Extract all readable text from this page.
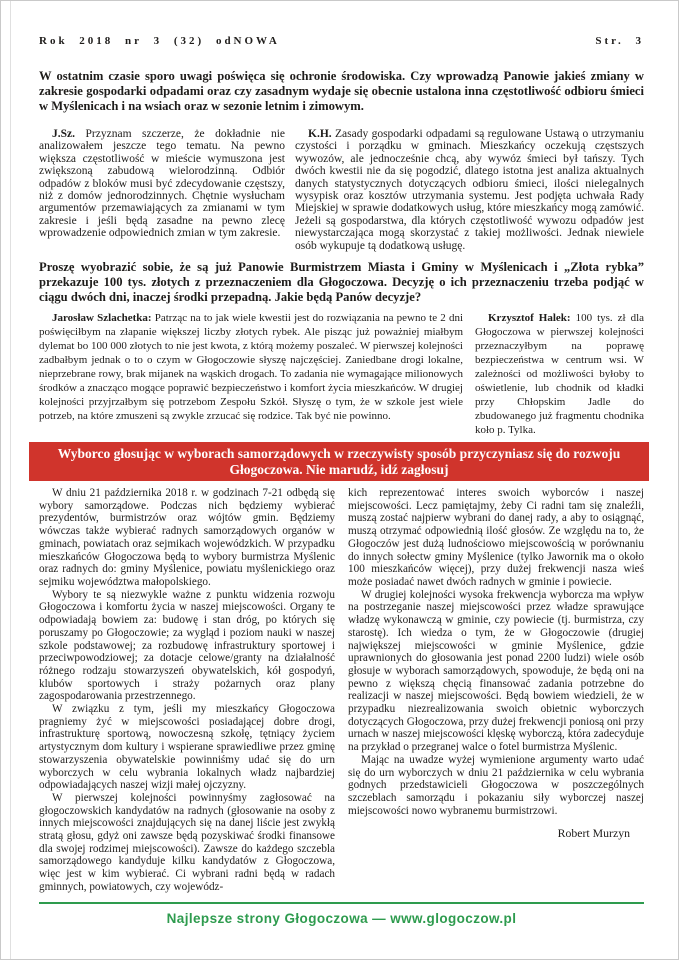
Rok 2018 nr 3 (32) odNOWA	Str. 3

W ostatnim czasie sporo uwagi poświęca się ochronie środowiska. Czy wprowadzą Panowie jakieś zmiany w zakresie gospodarki odpadami oraz czy zasadnym wydaje się obecnie ustalona inna częstotliwość odbioru śmieci w Myślenicach i na wsiach oraz w sezonie letnim i zimowym.

J.Sz. Przyznam szczerze, że dokładnie nie analizowałem jeszcze tego tematu. Na pewno większa częstotliwość w mieście wymuszona jest zwiększoną zabudową wielorodzinną. Odbiór odpadów z bloków musi być zdecydowanie częstszy, niż z domów jednorodzinnych. Chętnie wysłucham argumentów przemawiających za zmianami w tym zakresie i jeśli będą zasadne na pewno zlecę wprowadzenie odpowiednich zmian w tym zakresie.

K.H. Zasady gospodarki odpadami są regulowane Ustawą o utrzymaniu czystości i porządku w gminach. Mieszkańcy oczekują częstszych wywozów, ale jednocześnie chcą, aby wywóz śmieci był tańszy. Tych dwóch kwestii nie da się pogodzić, dlatego istotna jest analiza aktualnych danych statystycznych dotyczących odbioru śmieci, ilości nielegalnych wysypisk oraz kosztów utrzymania systemu. Jest podjęta uchwała Rady Miejskiej w sprawie dodatkowych usług, które mieszkańcy mogą zamówić. Jeżeli są gospodarstwa, dla których częstotliwość wywozu odpadów jest niewystarczająca mogą skorzystać z takiej możliwości. Jednak niewiele osób wykupuje tą dodatkową usługę.

Proszę wyobrazić sobie, że są już Panowie Burmistrzem Miasta i Gminy w Myślenicach i „Złota rybka” przekazuje 100 tys. złotych z przeznaczeniem dla Głogoczowa. Decyzję o ich przeznaczeniu trzeba podjąć w ciągu dwóch dni, inaczej środki przepadną. Jakie będą Panów decyzje?

Jarosław Szlachetka: Patrząc na to jak wiele kwestii jest do rozwiązania na pewno te 2 dni poświęciłbym na złapanie większej liczby złotych rybek. Ale pisząc już poważniej miałbym dylemat bo 100 000 złotych to nie jest kwota, z którą możemy poszaleć. W pierwszej kolejności zadbałbym jednak o to o czym w Głogoczowie słyszę najczęściej. Zaniedbane drogi lokalne, nieprzebrane rowy, brak mijanek na wąskich drogach. To zadania nie wymagające milionowych środków a znacząco mogące poprawić bezpieczeństwo i komfort życia mieszkańców. W drugiej kolejności przyjrzałbym się potrzebom Zespołu Szkół. Słyszę o tym, że w szkole jest wiele potrzeb, na które zmuszeni są zwykle zrzucać się rodzice. Tak być nie powinno.

Krzysztof Halek: 100 tys. zł dla Głogoczowa w pierwszej kolejności przeznaczyłbym na poprawę bezpieczeństwa w centrum wsi. W zależności od możliwości byłoby to oświetlenie, lub chodnik od kładki przy Chłopskim Jadle do zbudowanego już fragmentu chodnika koło p. Tylka.

Wyborco głosując w wyborach samorządowych w rzeczywisty sposób przyczyniasz się do rozwoju Głogoczowa. Nie marudź, idź zagłosuj

W dniu 21 października 2018 r. w godzinach 7-21 odbędą się wybory samorządowe. Podczas nich będziemy wybierać prezydentów, burmistrzów oraz wójtów gmin. Będziemy wówczas także wybierać radnych samorządowych organów w gminach, powiatach oraz sejmikach wojewódzkich. W przypadku mieszkańców Głogoczowa będą to wybory burmistrza Myślenic oraz radnych do: gminy Myślenice, powiatu myślenickiego oraz sejmiku województwa małopolskiego.

Wybory te są niezwykle ważne z punktu widzenia rozwoju Głogoczowa i komfortu życia w naszej miejscowości. Organy te odpowiadają bowiem za: budowę i stan dróg, po których się poruszamy po Głogoczowie; za wygląd i poziom nauki w naszej szkole podstawowej; za rozbudowę infrastruktury sportowej i przeciwpowodziowej; za dotacje celowe/granty na działalność różnego rodzaju stowarzyszeń obywatelskich, kół gospodyń, klubów sportowych i straży pożarnych oraz plany zagospodarowania przestrzennego.

W związku z tym, jeśli my mieszkańcy Głogoczowa pragniemy żyć w miejscowości posiadającej dobre drogi, infrastrukturę sportową, nowoczesną szkołę, tętniący życiem artystycznym dom kultury i wspierane sprawiedliwe przez gminę stowarzyszenia obywatelskie powinniśmy udać się do urn wyborczych w celu wybrania lokalnych władz najbardziej odpowiadających naszej wizji małej ojczyzny.

W pierwszej kolejności powinnyśmy zagłosować na głogoczowskich kandydatów na radnych (głosowanie na osoby z innych miejscowości znajdujących się na danej liście jest zwykłą stratą głosu, gdyż oni zawsze będą pozyskiwać środki finansowe dla swojej rodzimej miejscowości). Zawsze do każdego szczebla samorządowego kandyduje kilku kandydatów z Głogoczowa, więc jest w kim wybierać. Ci wybrani radni będą w radach gminnych, powiatowych, czy wojewódz-

kich reprezentować interes swoich wyborców i naszej miejscowości. Lecz pamiętajmy, żeby Ci radni tam się znaleźli, muszą zostać najpierw wybrani do danej rady, a aby to osiągnąć, muszą otrzymać odpowiednią ilość głosów. Ze względu na to, że Głogoczów jest dużą ludnościowo miejscowością w porównaniu do innych sołectw gminy Myślenice (tylko Jawornik ma o około 100 mieszkańców więcej), przy dużej frekwencji nasza wieś może posiadać nawet dwóch radnych w gminie i powiecie.

W drugiej kolejności wysoka frekwencja wyborcza ma wpływ na postrzeganie naszej miejscowości przez władze sprawujące władzę wykonawczą w gminie, czy powiecie (tj. burmistrza, czy starostę). Ich wiedza o tym, że w Głogoczowie (drugiej największej miejscowości w gminie Myślenice, gdzie uprawnionych do głosowania jest ponad 2200 ludzi) wiele osób głosuje w wyborach samorządowych, spowoduje, że będą oni na pewno z większą chęcią finansować zadania potrzebne do realizacji w naszej miejscowości. Będą bowiem wiedzieli, że w przypadku niezrealizowania swoich obietnic wyborczych dotyczących Głogoczowa, przy dużej frekwencji poniosą oni przy urnach w naszej miejscowości klęskę wyborczą, która zadecyduje na przykład o przegranej walce o fotel burmistrza Myślenic.

Mając na uwadze wyżej wymienione argumenty warto udać się do urn wyborczych w dniu 21 października w celu wybrania godnych przedstawicieli Głogoczowa w poszczególnych szczeblach samorządu i pokazaniu siły wyborczej naszej miejscowości nowo wybranemu burmistrzowi.

Robert Murzyn

Najlepsze strony Głogoczowa — www.glogoczow.pl
